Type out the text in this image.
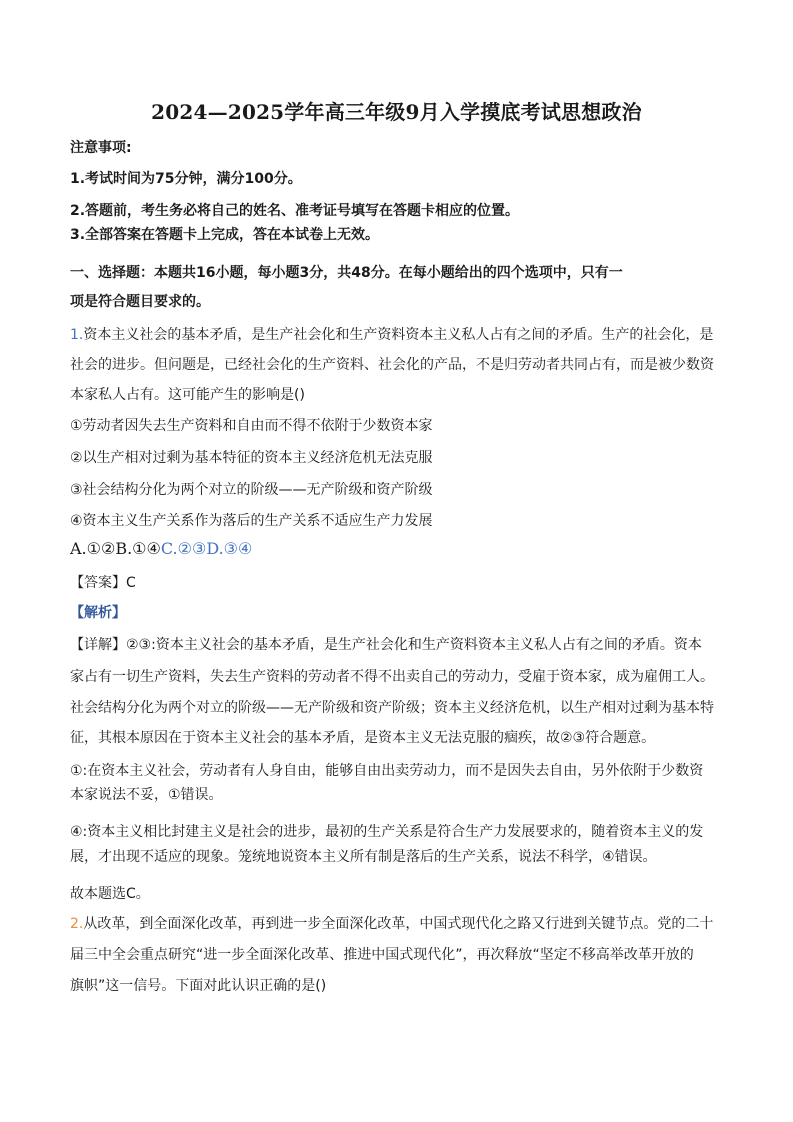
2024—2025学年高三年级9月入学摸底考试思想政治
注意事项:
1.考试时间为75分钟，满分100分。
2.答题前，考生务必将自己的姓名、准考证号填写在答题卡相应的位置。
3.全部答案在答题卡上完成，答在本试卷上无效。
一、选择题：本题共16小题，每小题3分，共48分。在每小题给出的四个选项中，只有一
项是符合题目要求的。
1.资本主义社会的基本矛盾，是生产社会化和生产资料资本主义私人占有之间的矛盾。生产的社会化，是
社会的进步。但问题是，已经社会化的生产资料、社会化的产品，不是归劳动者共同占有，而是被少数资
本家私人占有。这可能产生的影响是()
①劳动者因失去生产资料和自由而不得不依附于少数资本家
②以生产相对过剩为基本特征的资本主义经济危机无法克服
③社会结构分化为两个对立的阶级——无产阶级和资产阶级
④资本主义生产关系作为落后的生产关系不适应生产力发展
A.①②B.①④C.②③D.③④
【答案】C
【解析】
【详解】②③:资本主义社会的基本矛盾，是生产社会化和生产资料资本主义私人占有之间的矛盾。资本
家占有一切生产资料，失去生产资料的劳动者不得不出卖自己的劳动力，受雇于资本家，成为雇佣工人。
社会结构分化为两个对立的阶级——无产阶级和资产阶级；资本主义经济危机，以生产相对过剩为基本特
征，其根本原因在于资本主义社会的基本矛盾，是资本主义无法克服的痼疾，故②③符合题意。
①:在资本主义社会，劳动者有人身自由，能够自由出卖劳动力，而不是因失去自由，另外依附于少数资
本家说法不妥，①错误。
④:资本主义相比封建主义是社会的进步，最初的生产关系是符合生产力发展要求的，随着资本主义的发
展，才出现不适应的现象。笼统地说资本主义所有制是落后的生产关系，说法不科学，④错误。
故本题选C。
2.从改革，到全面深化改革，再到进一步全面深化改革，中国式现代化之路又行进到关键节点。党的二十
届三中全会重点研究“进一步全面深化改革、推进中国式现代化”，再次释放“坚定不移高举改革开放的
旗帜”这一信号。下面对此认识正确的是()
